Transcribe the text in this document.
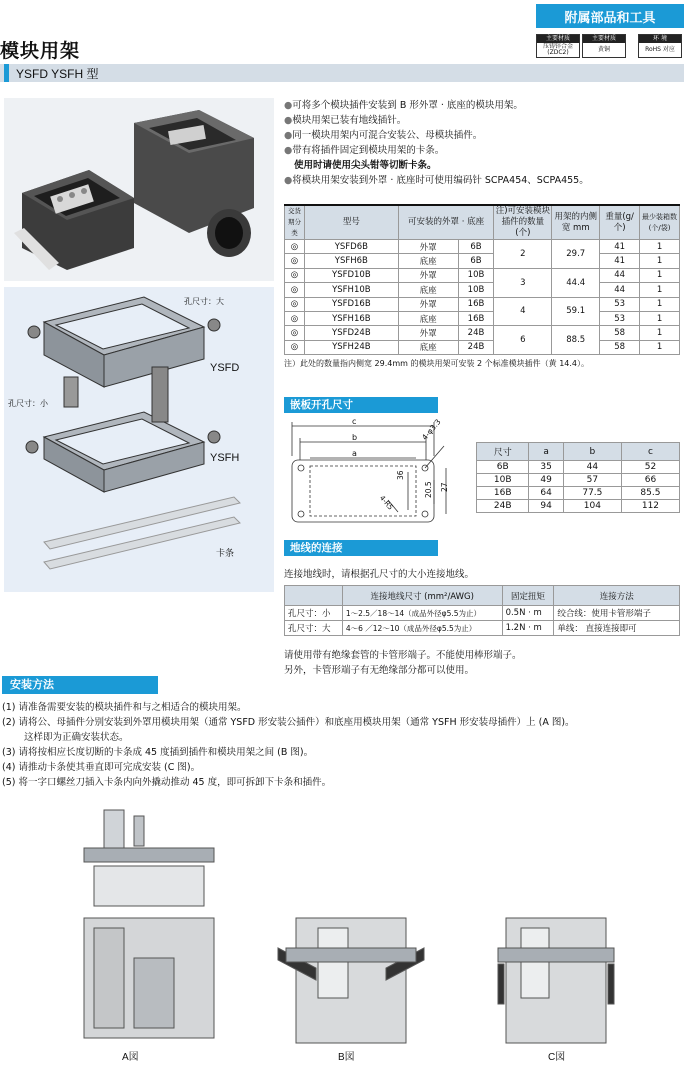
附属部品和工具
模块用架
主要材质
压铸锌合金(ZDC2)
主要材质
黄铜
环 境
RoHS 对应
YSFD YSFH 型
孔尺寸：大
孔尺寸：小
YSFD
YSFH
卡条
●可将多个模块插件安装到 B 形外罩 · 底座的模块用架。
●模块用架已装有地线插针。
●同一模块用架内可混合安装公、母模块插件。
●带有将插件固定到模块用架的卡条。
使用时请使用尖头钳等切断卡条。
●将模块用架安装到外罩 · 底座时可使用编码针 SCPA454、SCPA455。
交货期分类	型号	可安装的外罩 · 底座		注)可安装模块插件的数量(个)	用架的内侧宽 mm	重量(g/个)	最少装箱数(个/袋)
◎	YSFD6B	外罩	6B	2	29.7	41	1
◎	YSFH6B	底座	6B			41	1
◎	YSFD10B	外罩	10B	3	44.4	44	1
◎	YSFH10B	底座	10B			44	1
◎	YSFD16B	外罩	16B	4	59.1	53	1
◎	YSFH16B	底座	16B			53	1
◎	YSFD24B	外罩	24B	6	88.5	58	1
◎	YSFH24B	底座	24B			58	1
注）此处的数量指内侧宽 29.4mm 的模块用架可安装 2 个标准模块插件（黄 14.4）。
嵌板开孔尺寸
c
b
a
4-φ3.3
36
20.5 27
4-R5
尺寸	a	b	c
6B	35	44	52
10B	49	57	66
16B	64	77.5	85.5
24B	94	104	112
地线的连接
连接地线时，请根据孔尺寸的大小连接地线。
	连接地线尺寸 (mm²/AWG)	固定扭矩	连接方法
孔尺寸：小	1～2.5／18～14（成品外径φ5.5为止）	0.5N · m	绞合线：使用卡管形端子
孔尺寸：大	4～6 ／12～10（成品外径φ5.5为止）	1.2N · m	单线： 直接连接即可
请使用带有绝缘套管的卡管形端子。不能使用棒形端子。
另外，卡管形端子有无绝缘部分都可以使用。
安装方法
(1) 请准备需要安装的模块插件和与之相适合的模块用架。
(2) 请将公、母插件分别安装到外罩用模块用架（通常 YSFD 形安装公插件）和底座用模块用架（通常 YSFH 形安装母插件）上 (A 图)。
这样即为正确安装状态。
(3) 请将按相应长度切断的卡条成 45 度插到插件和模块用架之间 (B 图)。
(4) 请推动卡条使其垂直即可完成安装 (C 图)。
(5) 将一字口螺丝刀插入卡条内向外撬动推动 45 度，即可拆卸下卡条和插件。
A図	B図	C図
